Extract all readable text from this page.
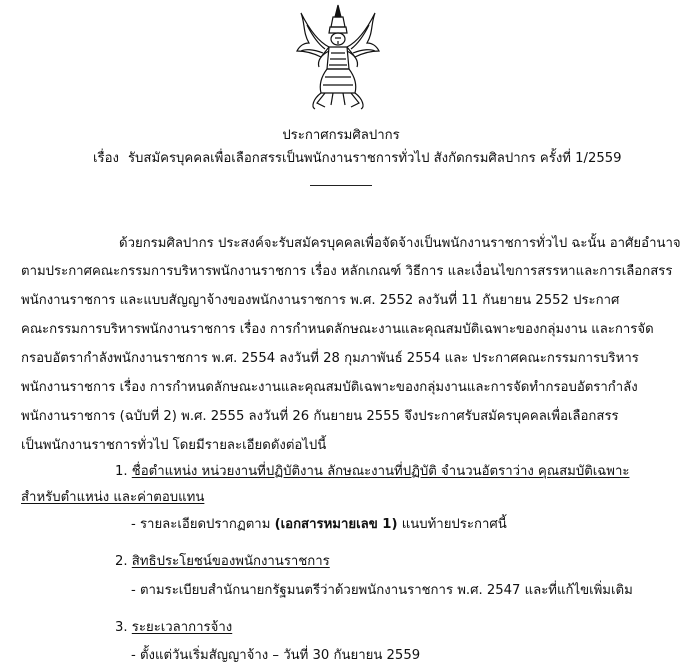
ประกาศกรมศิลปากร
เรื่อง รับสมัครบุคคลเพื่อเลือกสรรเป็นพนักงานราชการทั่วไป สังกัดกรมศิลปากร ครั้งที่ 1/2559
ด้วยกรมศิลปากร ประสงค์จะรับสมัครบุคคลเพื่อจัดจ้างเป็นพนักงานราชการทั่วไป ฉะนั้น อาศัยอำนาจ
ตามประกาศคณะกรรมการบริหารพนักงานราชการ เรื่อง หลักเกณฑ์ วิธีการ และเงื่อนไขการสรรหาและการเลือกสรร
พนักงานราชการ และแบบสัญญาจ้างของพนักงานราชการ พ.ศ. 2552 ลงวันที่ 11 กันยายน 2552 ประกาศ
คณะกรรมการบริหารพนักงานราชการ เรื่อง การกำหนดลักษณะงานและคุณสมบัติเฉพาะของกลุ่มงาน และการจัด
กรอบอัตรากำลังพนักงานราชการ พ.ศ. 2554 ลงวันที่ 28 กุมภาพันธ์ 2554 และ ประกาศคณะกรรมการบริหาร
พนักงานราชการ เรื่อง การกำหนดลักษณะงานและคุณสมบัติเฉพาะของกลุ่มงานและการจัดทำกรอบอัตรากำลัง
พนักงานราชการ (ฉบับที่ 2) พ.ศ. 2555 ลงวันที่ 26 กันยายน 2555 จึงประกาศรับสมัครบุคคลเพื่อเลือกสรร
เป็นพนักงานราชการทั่วไป โดยมีรายละเอียดดังต่อไปนี้
1. ชื่อตำแหน่ง หน่วยงานที่ปฏิบัติงาน ลักษณะงานที่ปฏิบัติ จำนวนอัตราว่าง คุณสมบัติเฉพาะ
สำหรับตำแหน่ง และค่าตอบแทน
- รายละเอียดปรากฏตาม (เอกสารหมายเลข 1) แนบท้ายประกาศนี้
2. สิทธิประโยชน์ของพนักงานราชการ
- ตามระเบียบสำนักนายกรัฐมนตรีว่าด้วยพนักงานราชการ พ.ศ. 2547 และที่แก้ไขเพิ่มเติม
3. ระยะเวลาการจ้าง
- ตั้งแต่วันเริ่มสัญญาจ้าง – วันที่ 30 กันยายน 2559
